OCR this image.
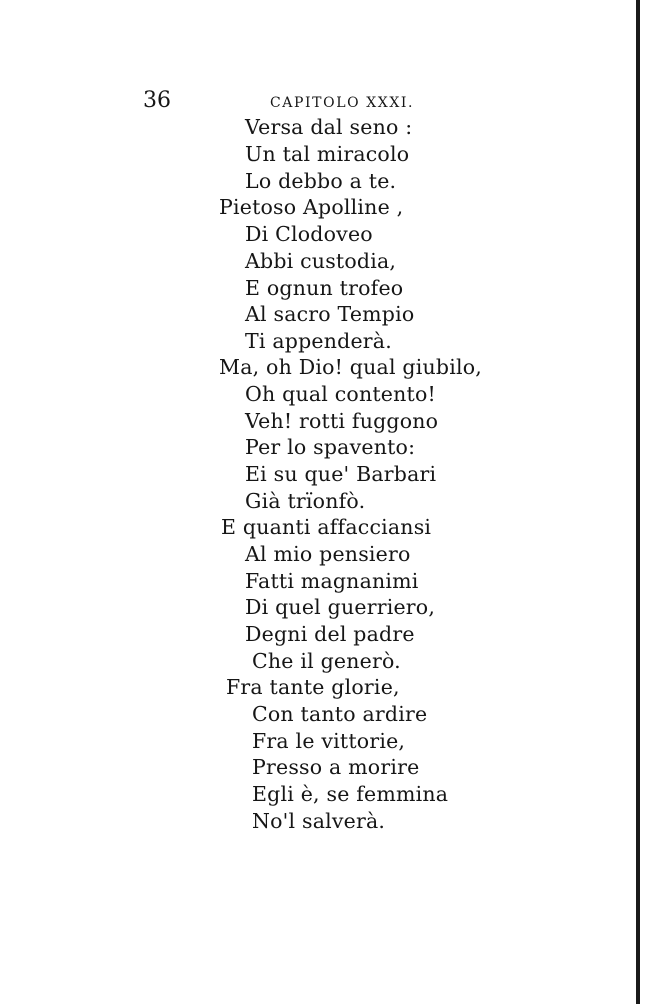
36	CAPITOLO XXXI.
Versa dal seno :
Un tal miracolo
Lo debbo a te.
Pietoso Apolline ,
Di Clodoveo
Abbi custodia,
E ognun trofeo
Al sacro Tempio
Ti appenderà.
Ma, oh Dio! qual giubilo,
Oh qual contento!
Veh! rotti fuggono
Per lo spavento:
Ei su que' Barbari
Già trïonfò.
E quanti affacciansi
Al mio pensiero
Fatti magnanimi
Di quel guerriero,
Degni del padre
Che il generò.
Fra tante glorie,
Con tanto ardire
Fra le vittorie,
Presso a morire
Egli è, se femmina
No'l salverà.
